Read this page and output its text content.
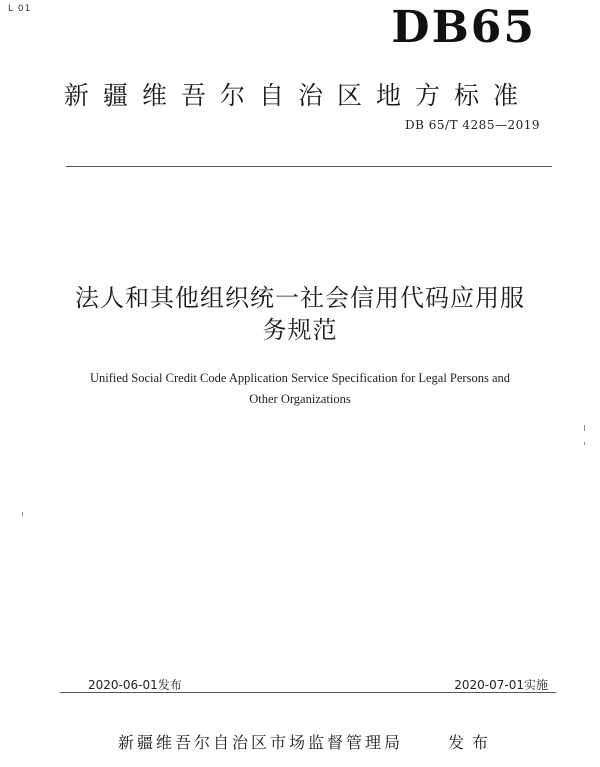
L 01	DB65
新疆维吾尔自治区地方标准
DB 65/T 4285—2019
法人和其他组织统一社会信用代码应用服
务规范
Unified Social Credit Code Application Service Specification for Legal Persons and
Other Organizations
2020-06-01发布	2020-07-01实施
新疆维吾尔自治区市场监督管理局	发布
